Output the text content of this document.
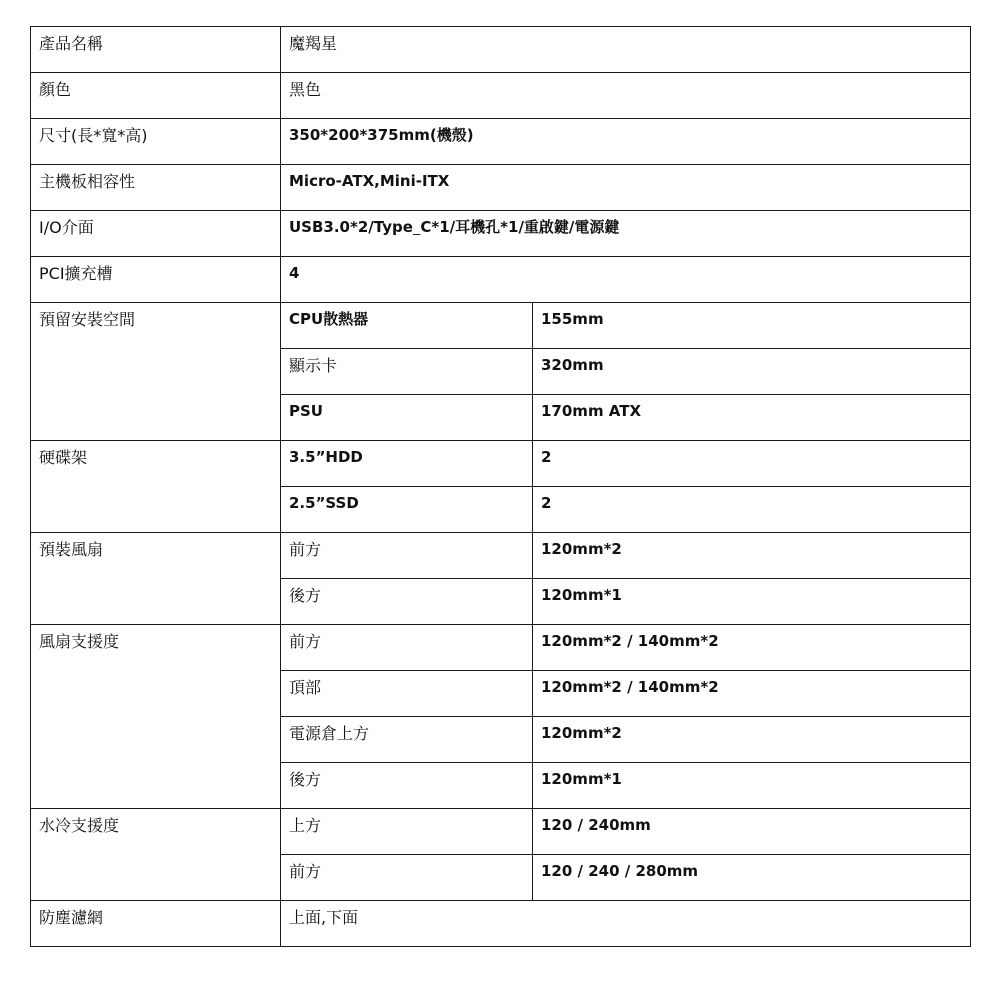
產品名稱	魔羯星	

顏色	黑色	

尺寸(長*寬*高)	350*200*375mm(機殼)	

主機板相容性	Micro-ATX,Mini-ITX	

I/O介面	USB3.0*2/Type_C*1/耳機孔*1/重啟鍵/電源鍵	

PCI擴充槽	4	

預留安裝空間	CPU散熱器	155mm

	顯示卡	320mm

	PSU	170mm ATX

硬碟架	3.5”HDD	2

	2.5”SSD	2

預裝風扇	前方	120mm*2

	後方	120mm*1

風扇支援度	前方	120mm*2 / 140mm*2

	頂部	120mm*2 / 140mm*2

	電源倉上方	120mm*2

	後方	120mm*1

水冷支援度	上方	120 / 240mm

	前方	120 / 240 / 280mm

防塵濾網	上面,下面	
